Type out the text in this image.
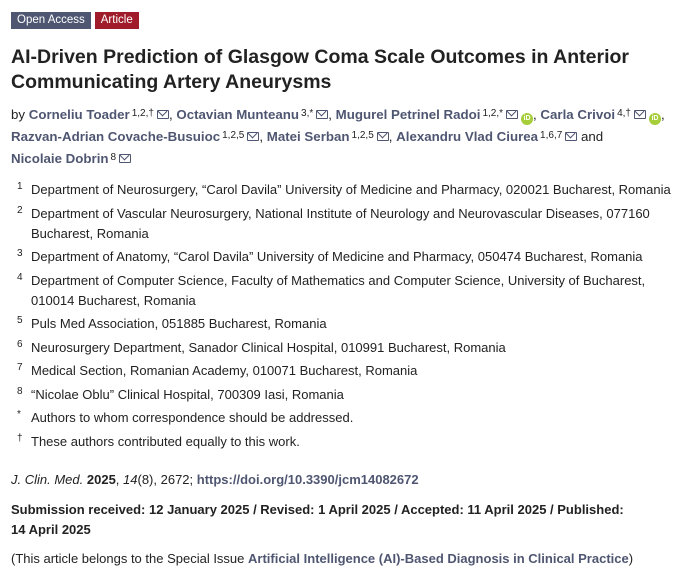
Open Access	Article
AI-Driven Prediction of Glasgow Coma Scale Outcomes in Anterior Communicating Artery Aneurysms
by Corneliu Toader $^{1,2,\dagger}$ , Octavian Munteanu $^{3,*}$ , Mugurel Petrinel Radoi $^{1,2,*}$	iD , Carla Crivoi $^{4,\dagger}$	iD , Razvan-Adrian Covache-Busuioc $^{1,2,5}$ , Matei Serban $^{1,2,5}$ , Alexandru Vlad Ciurea $^{1,6,7}$ and
Nicolaie Dobrin $^8$
1 Department of Neurosurgery, “Carol Davila” University of Medicine and Pharmacy, 020021 Bucharest, Romania
2 Department of Vascular Neurosurgery, National Institute of Neurology and Neurovascular Diseases, 077160 Bucharest, Romania
3 Department of Anatomy, “Carol Davila” University of Medicine and Pharmacy, 050474 Bucharest, Romania
4 Department of Computer Science, Faculty of Mathematics and Computer Science, University of Bucharest, 010014 Bucharest, Romania
5 Puls Med Association, 051885 Bucharest, Romania
6 Neurosurgery Department, Sanador Clinical Hospital, 010991 Bucharest, Romania
7 Medical Section, Romanian Academy, 010071 Bucharest, Romania
8 “Nicolae Oblu” Clinical Hospital, 700309 Iasi, Romania
* Authors to whom correspondence should be addressed.
† These authors contributed equally to this work.
J. Clin. Med. 2025, 14(8), 2672; https://doi.org/10.3390/jcm14082672
Submission received: 12 January 2025 / Revised: 1 April 2025 / Accepted: 11 April 2025 / Published: 14 April 2025
(This article belongs to the Special Issue Artificial Intelligence (AI)-Based Diagnosis in Clinical Practice)
